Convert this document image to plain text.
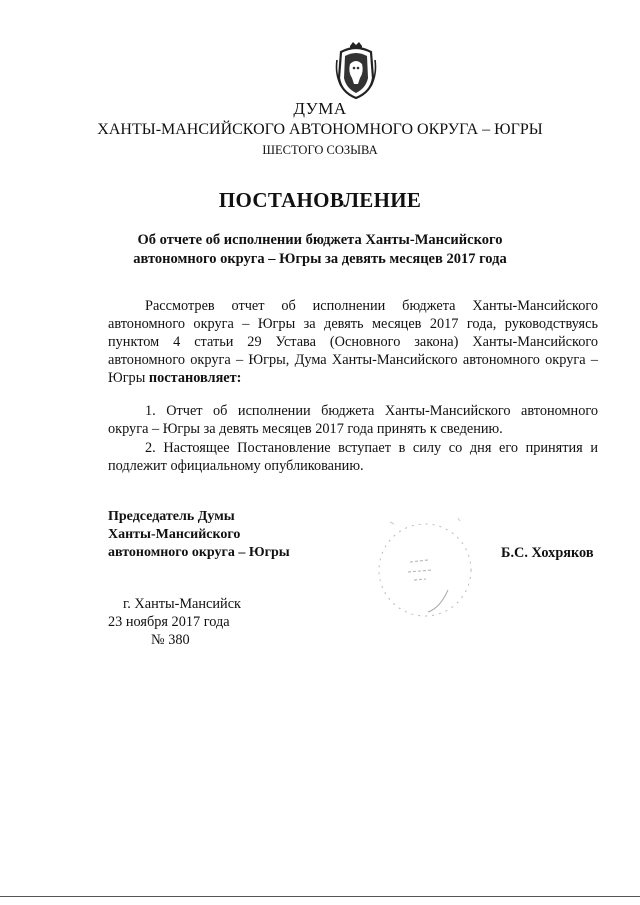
ДУМА
ХАНТЫ-МАНСИЙСКОГО АВТОНОМНОГО ОКРУГА – ЮГРЫ
ШЕСТОГО СОЗЫВА
ПОСТАНОВЛЕНИЕ
Об отчете об исполнении бюджета Ханты-Мансийского
автономного округа – Югры за девять месяцев 2017 года
Рассмотрев отчет об исполнении бюджета Ханты-Мансийского автономного округа – Югры за девять месяцев 2017 года, руководствуясь пунктом 4 статьи 29 Устава (Основного закона) Ханты-Мансийского автономного округа – Югры, Дума Ханты-Мансийского автономного округа – Югры постановляет:
1. Отчет об исполнении бюджета Ханты-Мансийского автономного округа – Югры за девять месяцев 2017 года принять к сведению.
2. Настоящее Постановление вступает в силу со дня его принятия и подлежит официальному опубликованию.
Председатель Думы
Ханты-Мансийского
автономного округа – Югры	Б.С. Хохряков
г. Ханты-Мансийск
23 ноября 2017 года
№ 380
